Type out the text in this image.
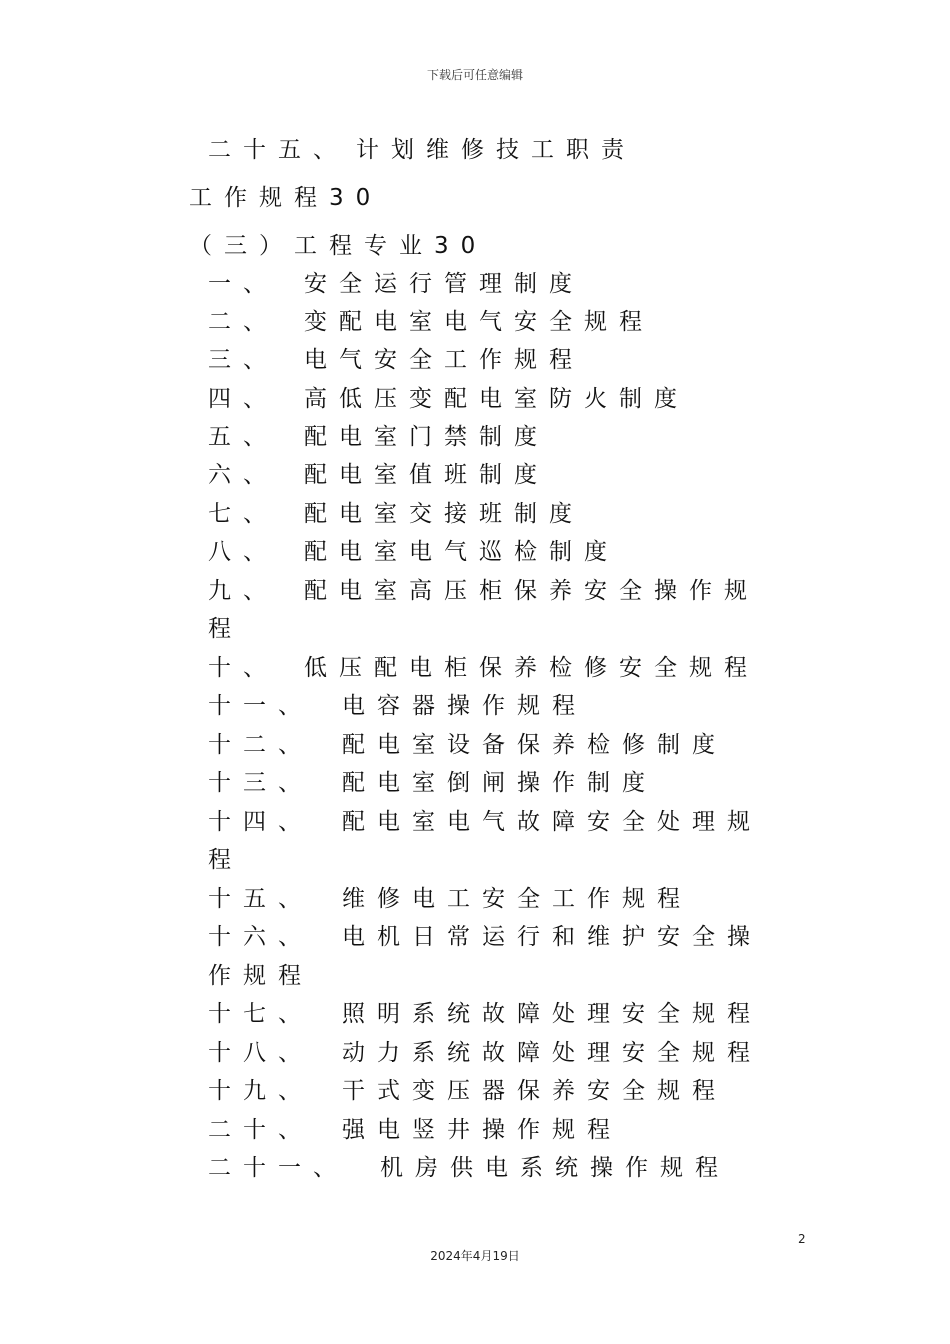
下载后可任意编辑
二十五、 计划维修技工职责
工作规程30
（三）工程专业30
一、 安全运行管理制度
二、 变配电室电气安全规程
三、 电气安全工作规程
四、 高低压变配电室防火制度
五、 配电室门禁制度
六、 配电室值班制度
七、 配电室交接班制度
八、 配电室电气巡检制度
九、 配电室高压柜保养安全操作规
程
十、 低压配电柜保养检修安全规程
十一、 电容器操作规程
十二、 配电室设备保养检修制度
十三、 配电室倒闸操作制度
十四、 配电室电气故障安全处理规
程
十五、 维修电工安全工作规程
十六、 电机日常运行和维护安全操
作规程
十七、 照明系统故障处理安全规程
十八、 动力系统故障处理安全规程
十九、 干式变压器保养安全规程
二十、 强电竖井操作规程
二十一、 机房供电系统操作规程
2
2024年4月19日
